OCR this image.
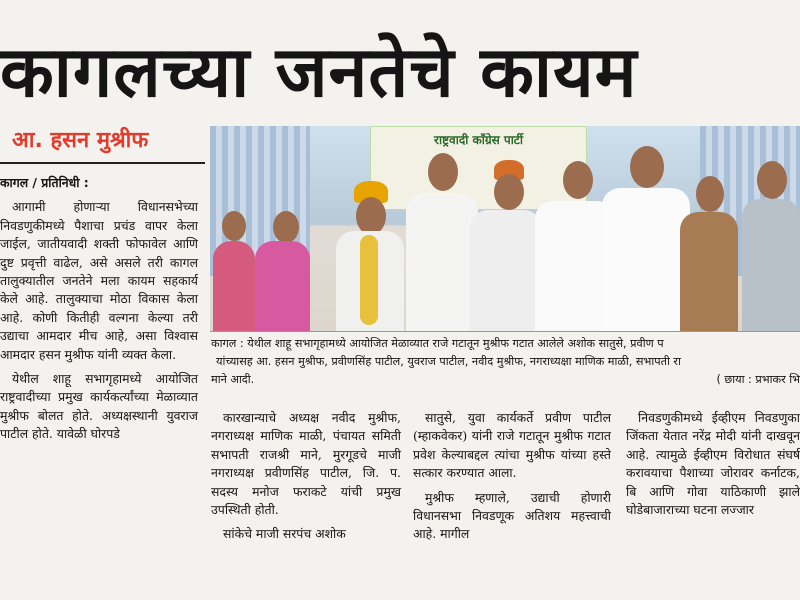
कागलच्या जनतेचे कायम
आ. हसन मुश्रीफ	राष्ट्रवादी काँग्रेस पार्टी
कागल : येथील शाहू सभागृहामध्ये आयोजित मेळाव्यात राजे गटातून मुश्रीफ गटात आलेले अशोक सातुसे, प्रवीण प
यांच्यासह आ. हसन मुश्रीफ, प्रवीणसिंह पाटील, युवराज पाटील, नवीद मुश्रीफ, नगराध्यक्षा माणिक माळी, सभापती रा
माने आदी.	( छाया : प्रभाकर भि

कागल / प्रतिनिधी :

आगामी होणाऱ्या विधानसभेच्या निवडणुकीमध्ये पैशाचा प्रचंड वापर केला जाईल, जातीयवादी शक्ती फोफावेल आणि दुष्ट प्रवृत्ती वाढेल, असे असले तरी कागल तालुक्यातील जनतेने मला कायम सहकार्य केले आहे. तालुक्याचा मोठा विकास केला आहे. कोणी कितीही वल्गना केल्या तरी उद्याचा आमदार मीच आहे, असा विश्वास आमदार हसन मुश्रीफ यांनी व्यक्त केला.

येथील शाहू सभागृहामध्ये आयोजित राष्ट्रवादीच्या प्रमुख कार्यकर्त्यांच्या मेळाव्यात मुश्रीफ बोलत होते. अध्यक्षस्थानी युवराज पाटील होते. यावेळी घोरपडे

कारखान्याचे अध्यक्ष नवीद मुश्रीफ, नगराध्यक्ष माणिक माळी, पंचायत समिती सभापती राजश्री माने, मुरगूडचे माजी नगराध्यक्ष प्रवीणसिंह पाटील, जि. प. सदस्य मनोज फराकटे यांची प्रमुख उपस्थिती होती.

सांकेचे माजी सरपंच अशोक

सातुसे, युवा कार्यकर्ते प्रवीण पाटील (म्हाकवेकर) यांनी राजे गटातून मुश्रीफ गटात प्रवेश केल्याबद्दल त्यांचा मुश्रीफ यांच्या हस्ते सत्कार करण्यात आला.

मुश्रीफ म्हणाले, उद्याची होणारी विधानसभा निवडणूक अतिशय महत्त्वाची आहे. मागील

निवडणुकीमध्ये ईव्हीएम निवडणुका जिंकता येतात नरेंद्र मोदी यांनी दाखवून आहे. त्यामुळे ईव्हीएम विरोधात संघर्ष करावयाचा पैशाच्या जोरावर कर्नाटक, बि आणि गोवा याठिकाणी झाले घोडेबाजाराच्या घटना लज्जार
